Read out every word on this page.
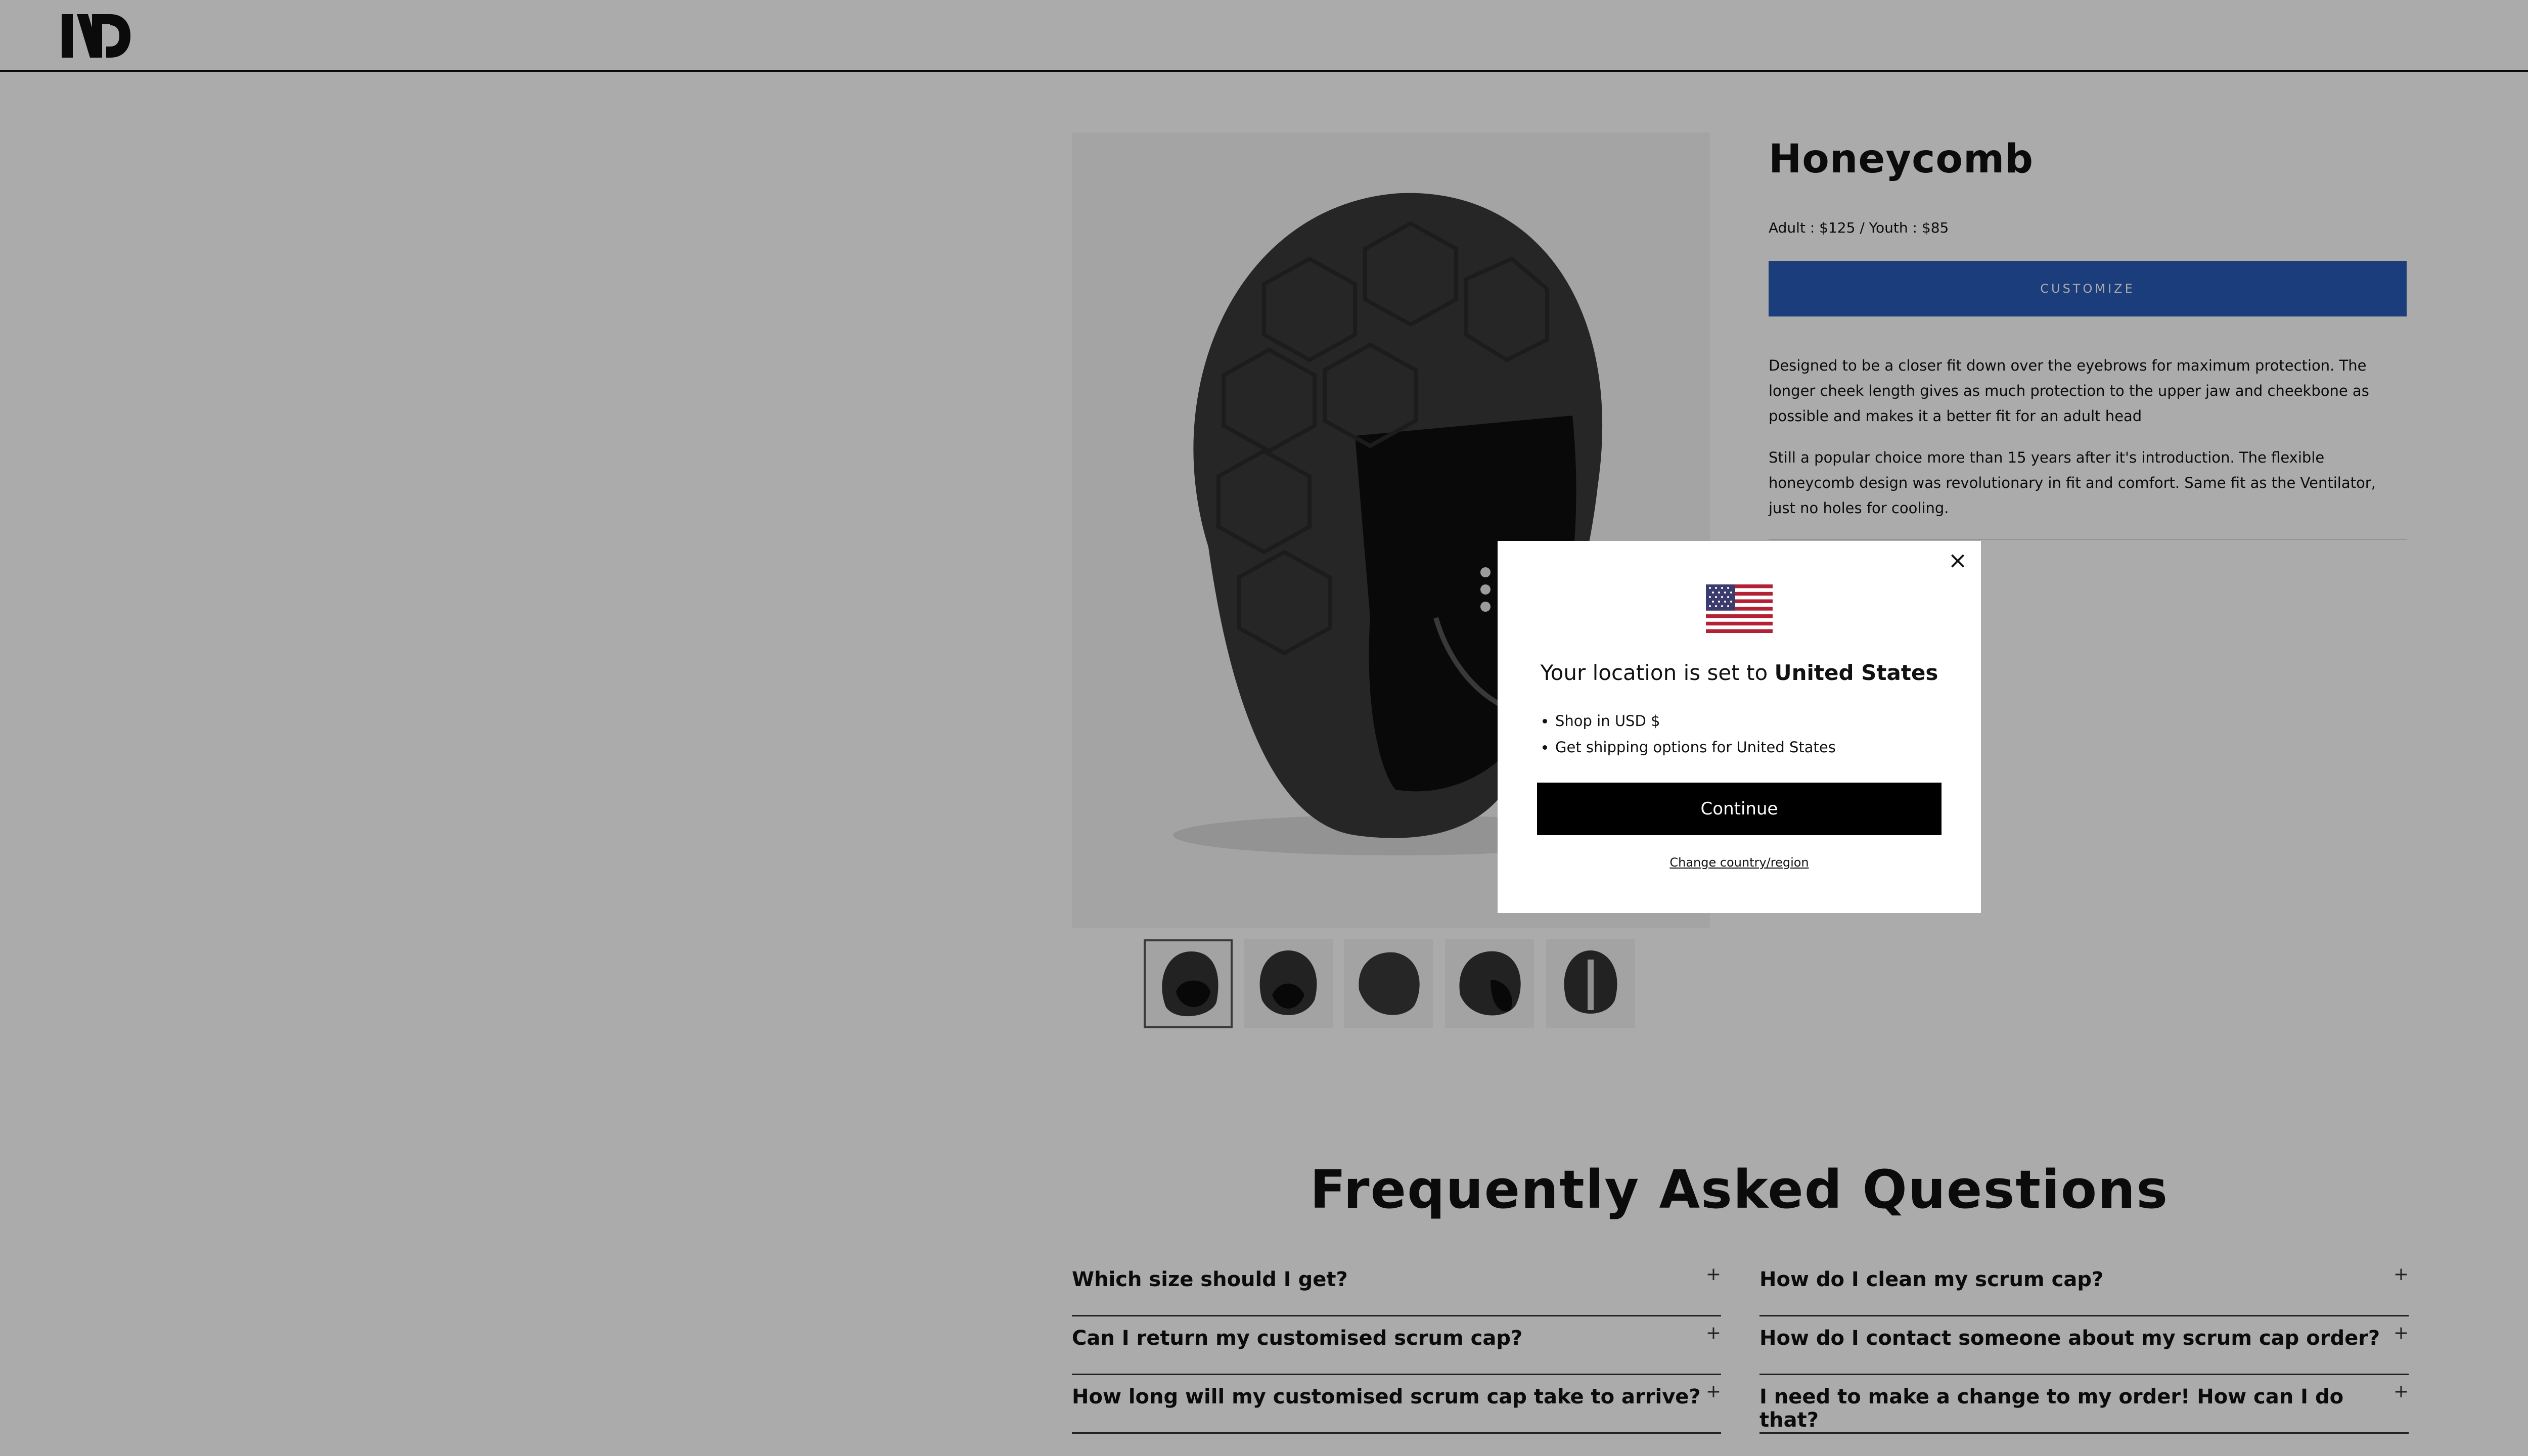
Honeycomb
Adult : $125 / Youth : $85
CUSTOMIZE

Designed to be a closer fit down over the eyebrows for maximum protection. The longer cheek length gives as much protection to the upper jaw and cheekbone as possible and makes it a better fit for an adult head

Still a popular choice more than 15 years after it's introduction. The flexible honeycomb design was revolutionary in fit and comfort. Same fit as the Ventilator, just no holes for cooling.

Frequently Asked Questions
Which size should I get?	+ How do I clean my scrum cap?	+
Can I return my customised scrum cap?	+ How do I contact someone about my scrum cap order? +
How long will my customised scrum cap take to arrive? + I need to make a change to my order! How can I do that?
+
×
Your location is set to United States
• Shop in USD $
• Get shipping options for United States
Continue
Change country/region
